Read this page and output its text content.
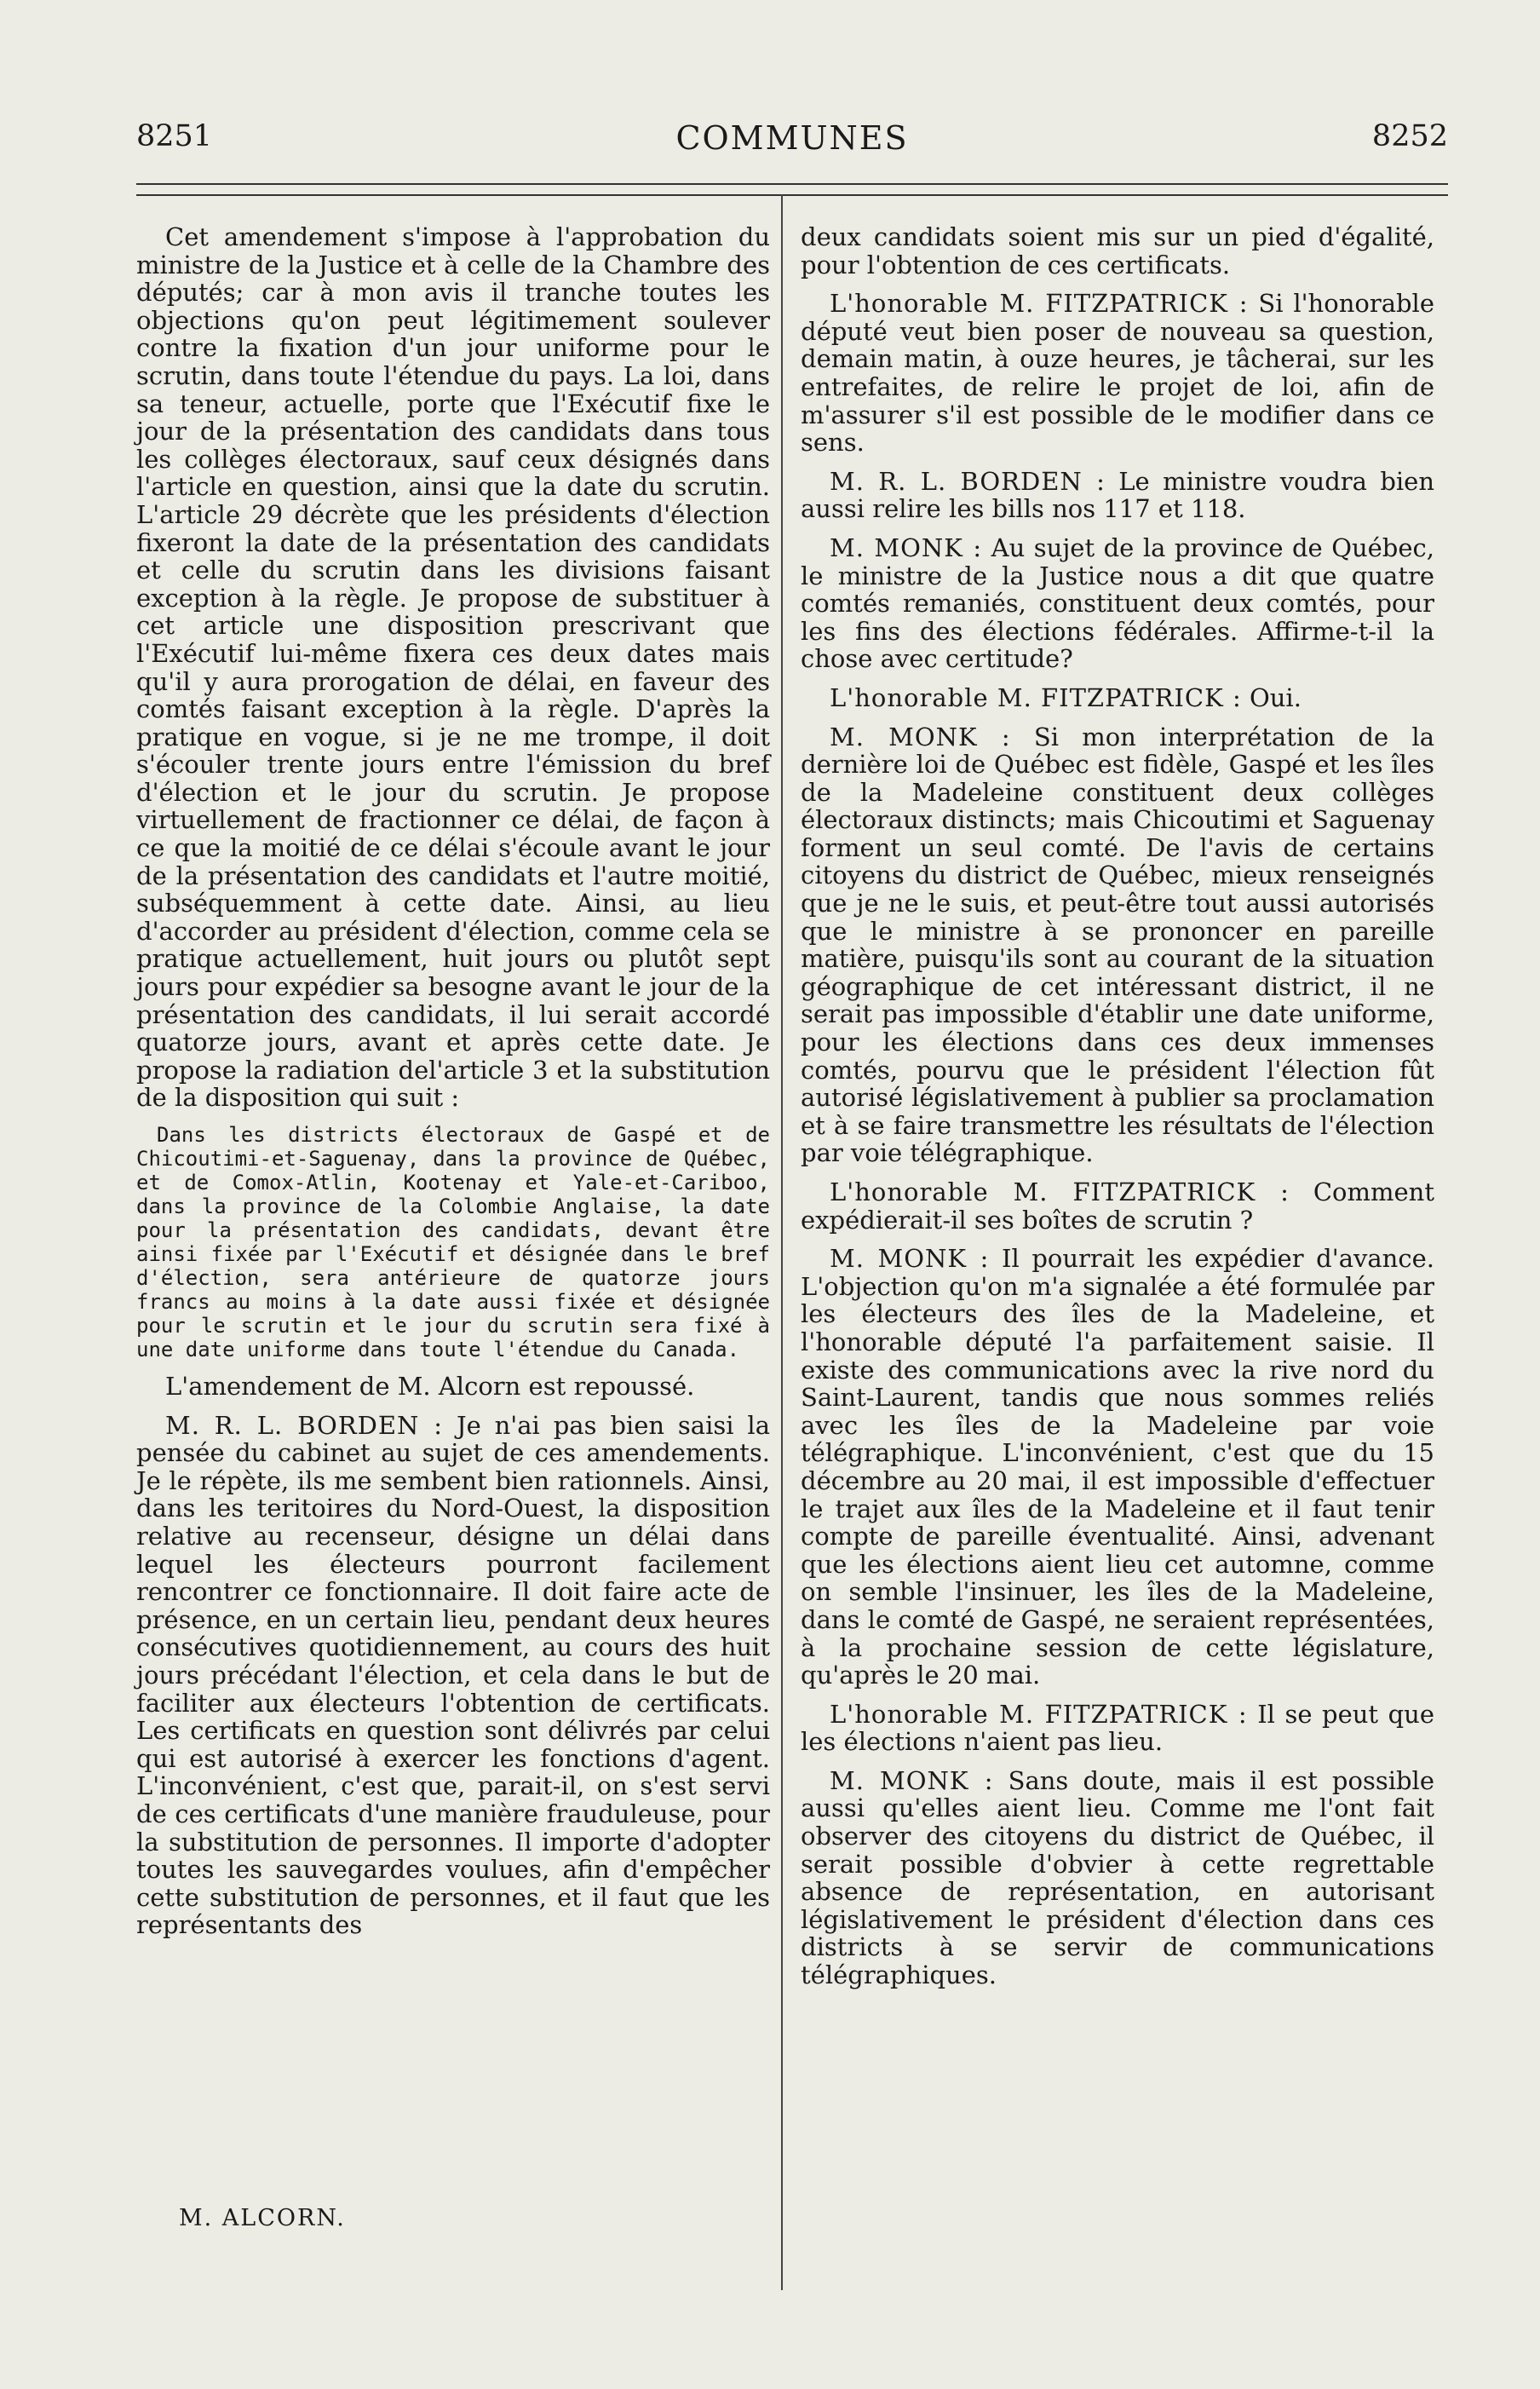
8251	COMMUNES	8252

Cet amendement s'impose à l'approbation du ministre de la Justice et à celle de la Chambre des députés; car à mon avis il tranche toutes les objections qu'on peut légitimement soulever contre la fixation d'un jour uniforme pour le scrutin, dans toute l'étendue du pays. La loi, dans sa teneur, actuelle, porte que l'Exécutif fixe le jour de la présentation des candidats dans tous les collèges électoraux, sauf ceux désignés dans l'article en question, ainsi que la date du scrutin. L'article 29 décrète que les présidents d'élection fixeront la date de la présentation des candidats et celle du scrutin dans les divisions faisant exception à la règle. Je propose de substituer à cet article une disposition prescrivant que l'Exécutif lui-même fixera ces deux dates mais qu'il y aura prorogation de délai, en faveur des comtés faisant exception à la règle. D'après la pratique en vogue, si je ne me trompe, il doit s'écouler trente jours entre l'émission du bref d'élection et le jour du scrutin. Je propose virtuellement de fractionner ce délai, de façon à ce que la moitié de ce délai s'écoule avant le jour de la présentation des candidats et l'autre moitié, subséquemment à cette date. Ainsi, au lieu d'accorder au président d'élection, comme cela se pratique actuellement, huit jours ou plutôt sept jours pour expédier sa besogne avant le jour de la présentation des candidats, il lui serait accordé quatorze jours, avant et après cette date. Je propose la radiation del'article 3 et la substitution de la disposition qui suit :

Dans les districts électoraux de Gaspé et de Chicoutimi-et-Saguenay, dans la province de Québec, et de Comox-Atlin, Kootenay et Yale-et-Cariboo, dans la province de la Colombie Anglaise, la date pour la présentation des candidats, devant être ainsi fixée par l'Exécutif et désignée dans le bref d'élection, sera antérieure de quatorze jours francs au moins à la date aussi fixée et désignée pour le scrutin et le jour du scrutin sera fixé à une date uniforme dans toute l'étendue du Canada.

L'amendement de M. Alcorn est repoussé.

M. R. L. BORDEN : Je n'ai pas bien saisi la pensée du cabinet au sujet de ces amendements. Je le répète, ils me sembent bien rationnels. Ainsi, dans les teritoires du Nord-Ouest, la disposition relative au recenseur, désigne un délai dans lequel les électeurs pourront facilement rencontrer ce fonctionnaire. Il doit faire acte de présence, en un certain lieu, pendant deux heures consécutives quotidiennement, au cours des huit jours précédant l'élection, et cela dans le but de faciliter aux électeurs l'obtention de certificats. Les certificats en question sont délivrés par celui qui est autorisé à exercer les fonctions d'agent. L'inconvénient, c'est que, parait-il, on s'est servi de ces certificats d'une manière frauduleuse, pour la substitution de personnes. Il importe d'adopter toutes les sauvegardes voulues, afin d'empêcher cette substitution de personnes, et il faut que les représentants des

M. ALCORN.

deux candidats soient mis sur un pied d'égalité, pour l'obtention de ces certificats.

L'honorable M. FITZPATRICK : Si l'honorable député veut bien poser de nouveau sa question, demain matin, à ouze heures, je tâcherai, sur les entrefaites, de relire le projet de loi, afin de m'assurer s'il est possible de le modifier dans ce sens.

M. R. L. BORDEN : Le ministre voudra bien aussi relire les bills nos 117 et 118.

M. MONK : Au sujet de la province de Québec, le ministre de la Justice nous a dit que quatre comtés remaniés, constituent deux comtés, pour les fins des élections fédérales. Affirme-t-il la chose avec certitude?

L'honorable M. FITZPATRICK : Oui.

M. MONK : Si mon interprétation de la dernière loi de Québec est fidèle, Gaspé et les îles de la Madeleine constituent deux collèges électoraux distincts; mais Chicoutimi et Saguenay forment un seul comté. De l'avis de certains citoyens du district de Québec, mieux renseignés que je ne le suis, et peut-être tout aussi autorisés que le ministre à se prononcer en pareille matière, puisqu'ils sont au courant de la situation géographique de cet intéressant district, il ne serait pas impossible d'établir une date uniforme, pour les élections dans ces deux immenses comtés, pourvu que le président l'élection fût autorisé législativement à publier sa proclamation et à se faire transmettre les résultats de l'élection par voie télégraphique.

L'honorable M. FITZPATRICK : Comment expédierait-il ses boîtes de scrutin ?

M. MONK : Il pourrait les expédier d'avance. L'objection qu'on m'a signalée a été formulée par les électeurs des îles de la Madeleine, et l'honorable député l'a parfaitement saisie. Il existe des communications avec la rive nord du Saint-Laurent, tandis que nous sommes reliés avec les îles de la Madeleine par voie télégraphique. L'inconvénient, c'est que du 15 décembre au 20 mai, il est impossible d'effectuer le trajet aux îles de la Madeleine et il faut tenir compte de pareille éventualité. Ainsi, advenant que les élections aient lieu cet automne, comme on semble l'insinuer, les îles de la Madeleine, dans le comté de Gaspé, ne seraient représentées, à la prochaine session de cette législature, qu'après le 20 mai.

L'honorable M. FITZPATRICK : Il se peut que les élections n'aient pas lieu.

M. MONK : Sans doute, mais il est possible aussi qu'elles aient lieu. Comme me l'ont fait observer des citoyens du district de Québec, il serait possible d'obvier à cette regrettable absence de représentation, en autorisant législativement le président d'élection dans ces districts à se servir de communications télégraphiques.
